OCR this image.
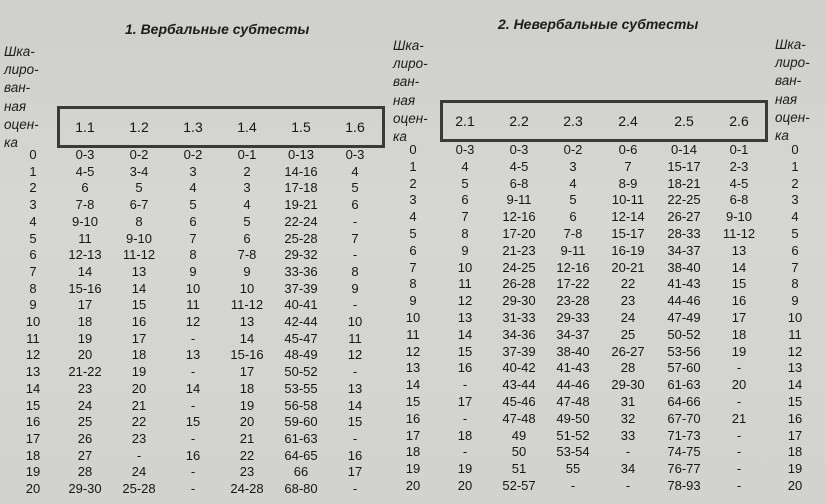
1. Вербальные субтесты	2. Невербальные субтесты
Шка-
лиро-
ван-
ная
оцен-
ка
Шка-
лиро-
ван-
ная
оцен-
ка
Шка-
лиро-
ван-
ная
оцен-
ка
1.1 1.2 1.3 1.4 1.5 1.6	2.1 2.2 2.3	2.4	2.5	2.6
0	0-3	0-2	0-2	0-1 0-13 0-3
1	4-5	3-4	3	2	14-16	4
2	6	5	4	3	17-18	5
3	7-8	6-7	5	4	19-21	6
4	9-10	8	6	5	22-24	-
5	11	9-10	7	6	25-28	7
6 12-13 11-12	8	7-8 29-32	-
7	14	13	9	9	33-36	8
8 15-16 14	10	10 37-39	9
9	17	15	11 11-12 40-41	-
10	18	16	12	13 42-44 10
11	19	17	-	14 45-47 11
12	20	18	13 15-16 48-49 12
13 21-22 19	-	17 50-52	-
14	23	20	14	18 53-55 13
15	24	21	-	19 56-58 14
16	25	22	15	20 59-60 15
17	26	23	-	21 61-63	-
18	27	-	16	22 64-65 16
19	28	24	-	23	66	17
20 29-30 25-28	-	24-28 68-80	-
0	0-3	0-3	0-2	0-6	0-14	0-1	0
1	4	4-5	3	7	15-17 2-3	1
2	5	6-8	4	8-9 18-21 4-5	2
3	6	9-11	5	10-11 22-25 6-8	3
4	7	12-16	6	12-14 26-27 9-10	4
5	8	17-20 7-8 15-17 28-33 11-12	5
6	9	21-23 9-11 16-19 34-37 13	6
7	10 24-25 12-16 20-21 38-40 14	7
8	11 26-28 17-22 22 41-43 15	8
9	12 29-30 23-28 23 44-46 16	9
10	13 31-33 29-33 24 47-49 17	10
11	14 34-36 34-37 25 50-52 18	11
12	15 37-39 38-40 26-27 53-56 19	12
13	16 40-42 41-43 28 57-60	-	13
14	-	43-44 44-46 29-30 61-63 20	14
15	17 45-46 47-48 31 64-66	-	15
16	-	47-48 49-50 32 67-70 21	16
17	18	49 51-52 33 71-73	-	17
18	-	50 53-54	-	74-75	-	18
19	19	51	55	34 76-77	-	19
20	20 52-57	-	-	78-93	-	20
